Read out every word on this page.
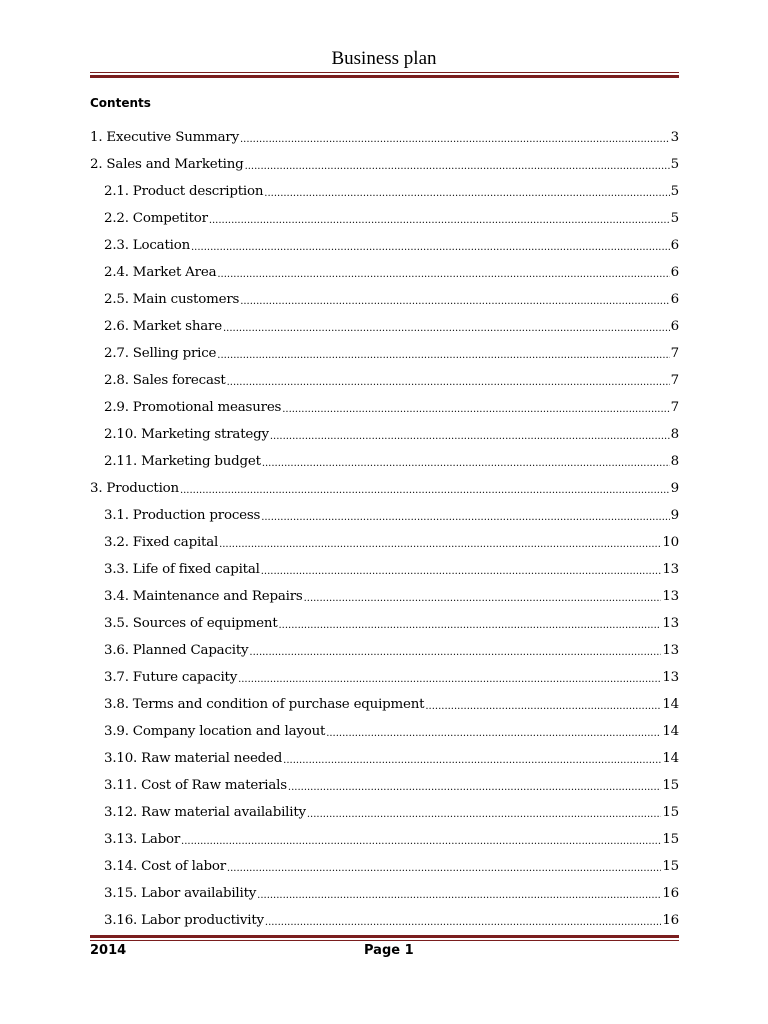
Business plan
Contents
1. Executive Summary .....	3
2. Sales and Marketing .....	5
2.1. Product description .....	5
2.2. Competitor .....	5
2.3. Location .....	6
2.4. Market Area .....	6
2.5. Main customers .....	6
2.6. Market share .....	6
2.7. Selling price .....	7
2.8. Sales forecast .....	7
2.9. Promotional measures .....	7
2.10. Marketing strategy .....	8
2.11. Marketing budget .....	8
3. Production .....	9
3.1. Production process .....	9
3.2. Fixed capital .....	10
3.3. Life of fixed capital .....	13
3.4. Maintenance and Repairs .....	13
3.5. Sources of equipment .....	13
3.6. Planned Capacity .....	13
3.7. Future capacity .....	13
3.8. Terms and condition of purchase equipment .....	14
3.9. Company location and layout .....	14
3.10. Raw material needed .....	14
3.11. Cost of Raw materials .....	15
3.12. Raw material availability .....	15
3.13. Labor .....	15
3.14. Cost of labor .....	15
3.15. Labor availability .....	16
3.16. Labor productivity .....	16
2014	Page 1
